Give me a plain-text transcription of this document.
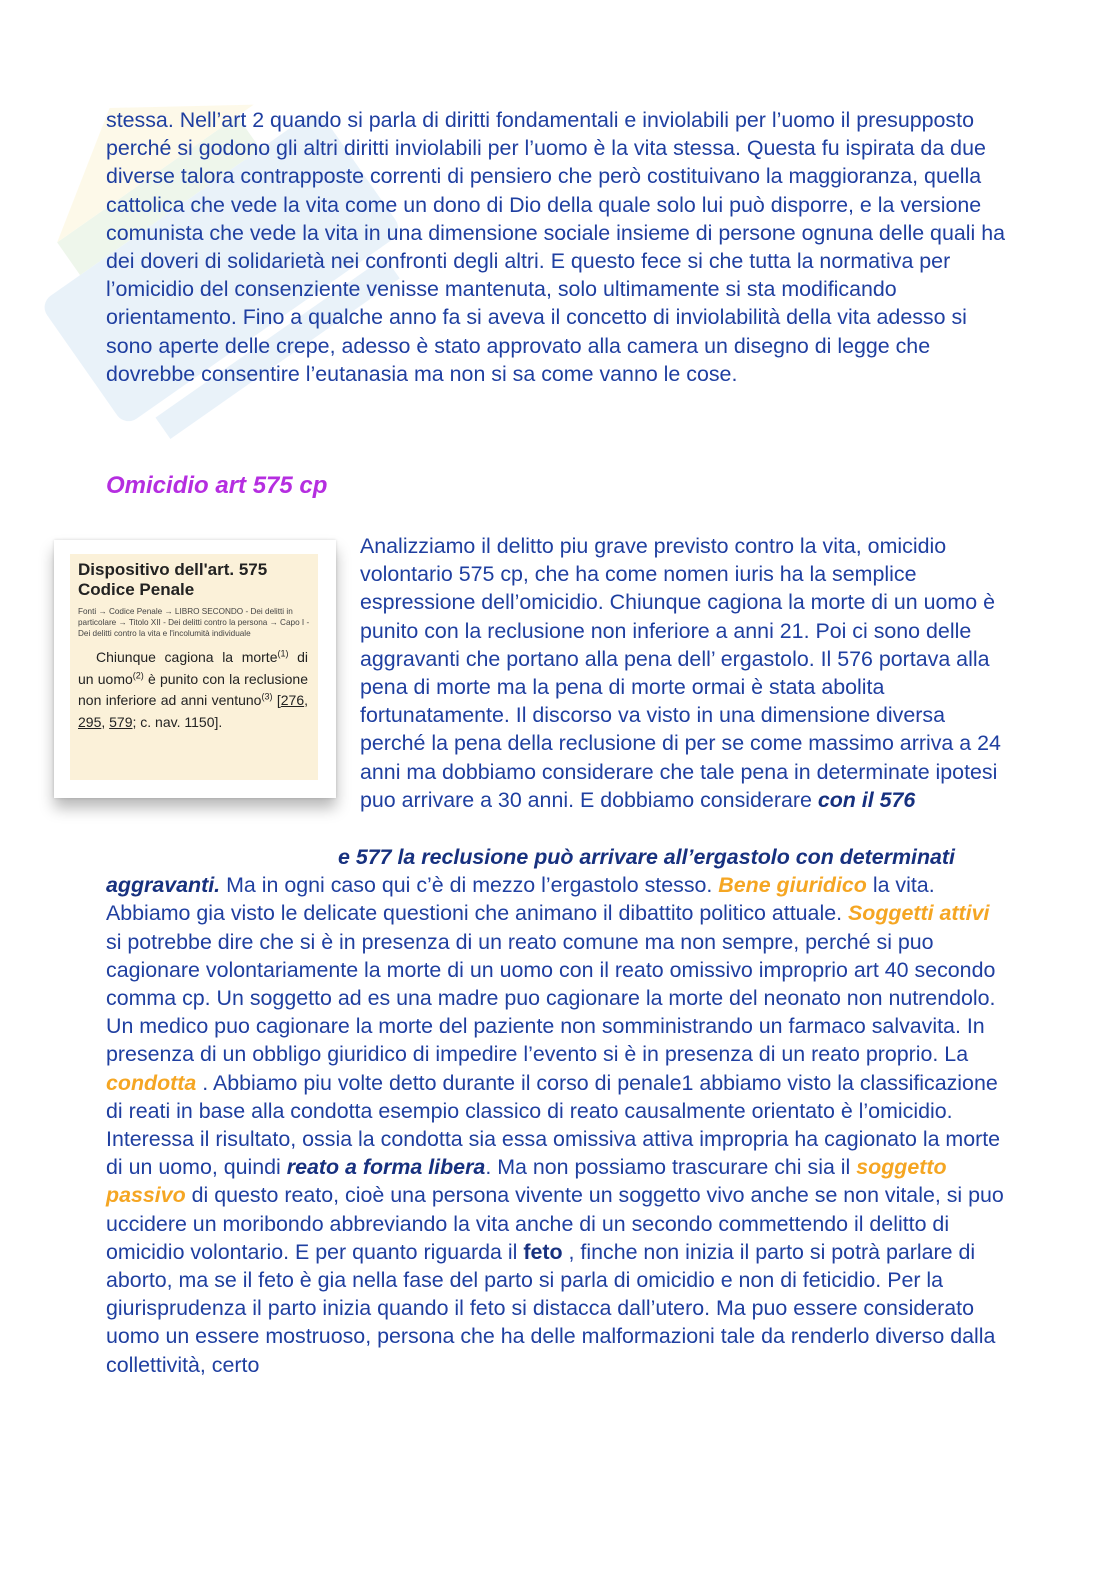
stessa. Nell’art 2 quando si parla di diritti fondamentali e inviolabili per l’uomo il presupposto perché si godono gli altri diritti inviolabili per l’uomo è la vita stessa. Questa fu ispirata da due diverse talora contrapposte correnti di pensiero che però costituivano la maggioranza, quella cattolica che vede la vita come un dono di Dio della quale solo lui può disporre, e la versione comunista che vede la vita in una dimensione sociale insieme di persone ognuna delle quali ha dei doveri di solidarietà nei confronti degli altri. E questo fece si che tutta la normativa per l’omicidio del consenziente venisse mantenuta, solo ultimamente si sta modificando orientamento. Fino a qualche anno fa si aveva il concetto di inviolabilità della vita adesso si sono aperte delle crepe, adesso è stato approvato alla camera un disegno di legge che dovrebbe consentire l’eutanasia ma non si sa come vanno le cose.

Omicidio art 575 cp
Dispositivo dell'art. 575 Codice Penale
Fonti → Codice Penale → LIBRO SECONDO - Dei delitti in particolare → Titolo XII - Dei delitti contro la persona → Capo I - Dei delitti contro la vita e l'incolumità individuale
Chiunque cagiona la morte$^{(1)}$ di un uomo$^{(2)}$ è punito con la reclusione non inferiore ad anni ventuno$^{(3)}$ [276, 295, 579; c. nav. 1150].

Analizziamo il delitto piu grave previsto contro la vita, omicidio volontario 575 cp, che ha come nomen iuris ha la semplice espressione dell’omicidio. Chiunque cagiona la morte di un uomo è punito con la reclusione non inferiore a anni 21. Poi ci sono delle aggravanti che portano alla pena dell’ ergastolo. Il 576 portava alla pena di morte ma la pena di morte ormai è stata abolita fortunatamente. Il discorso va visto in una dimensione diversa perché la pena della reclusione di per se come massimo arriva a 24 anni ma dobbiamo considerare che tale pena in determinate ipotesi puo arrivare a 30 anni. E dobbiamo considerare con il 576

e 577 la reclusione può arrivare all’ergastolo con determinati aggravanti. Ma in ogni caso qui c’è di mezzo l’ergastolo stesso. Bene giuridico la vita. Abbiamo gia visto le delicate questioni che animano il dibattito politico attuale. Soggetti attivi si potrebbe dire che si è in presenza di un reato comune ma non sempre, perché si puo cagionare volontariamente la morte di un uomo con il reato omissivo improprio art 40 secondo comma cp. Un soggetto ad es una madre puo cagionare la morte del neonato non nutrendolo. Un medico puo cagionare la morte del paziente non somministrando un farmaco salvavita. In presenza di un obbligo giuridico di impedire l’evento si è in presenza di un reato proprio. La condotta . Abbiamo piu volte detto durante il corso di penale1 abbiamo visto la classificazione di reati in base alla condotta esempio classico di reato causalmente orientato è l’omicidio. Interessa il risultato, ossia la condotta sia essa omissiva attiva impropria ha cagionato la morte di un uomo, quindi reato a forma libera. Ma non possiamo trascurare chi sia il soggetto passivo di questo reato, cioè una persona vivente un soggetto vivo anche se non vitale, si puo uccidere un moribondo abbreviando la vita anche di un secondo commettendo il delitto di omicidio volontario. E per quanto riguarda il feto , finche non inizia il parto si potrà parlare di aborto, ma se il feto è gia nella fase del parto si parla di omicidio e non di feticidio. Per la giurisprudenza il parto inizia quando il feto si distacca dall’utero. Ma puo essere considerato uomo un essere mostruoso, persona che ha delle malformazioni tale da renderlo diverso dalla collettività, certo
